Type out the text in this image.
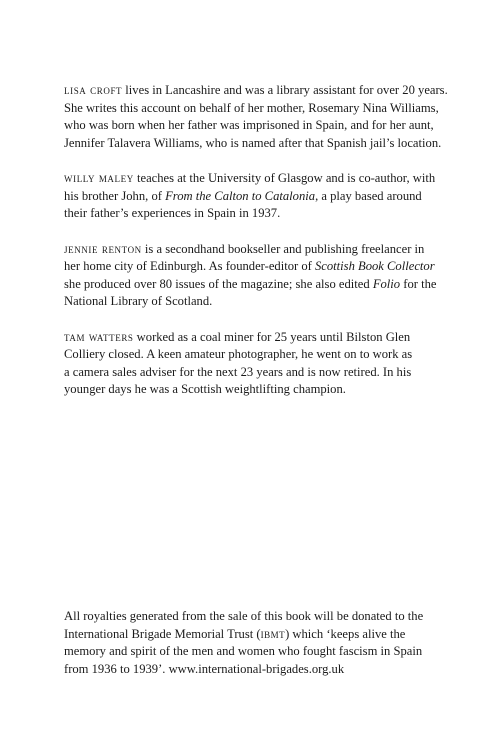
lisa croft lives in Lancashire and was a library assistant for over 20 years.
She writes this account on behalf of her mother, Rosemary Nina Williams,
who was born when her father was imprisoned in Spain, and for her aunt,
Jennifer Talavera Williams, who is named after that Spanish jail’s location.

willy maley teaches at the University of Glasgow and is co-author, with
his brother John, of From the Calton to Catalonia, a play based around
their father’s experiences in Spain in 1937.

jennie renton is a secondhand bookseller and publishing freelancer in
her home city of Edinburgh. As founder-editor of Scottish Book Collector
she produced over 80 issues of the magazine; she also edited Folio for the
National Library of Scotland.

tam watters worked as a coal miner for 25 years until Bilston Glen
Colliery closed. A keen amateur photographer, he went on to work as
a camera sales adviser for the next 23 years and is now retired. In his
younger days he was a Scottish weightlifting champion.

All royalties generated from the sale of this book will be donated to the
International Brigade Memorial Trust (ibmt) which ‘keeps alive the
memory and spirit of the men and women who fought fascism in Spain
from 1936 to 1939’. www.international-brigades.org.uk
